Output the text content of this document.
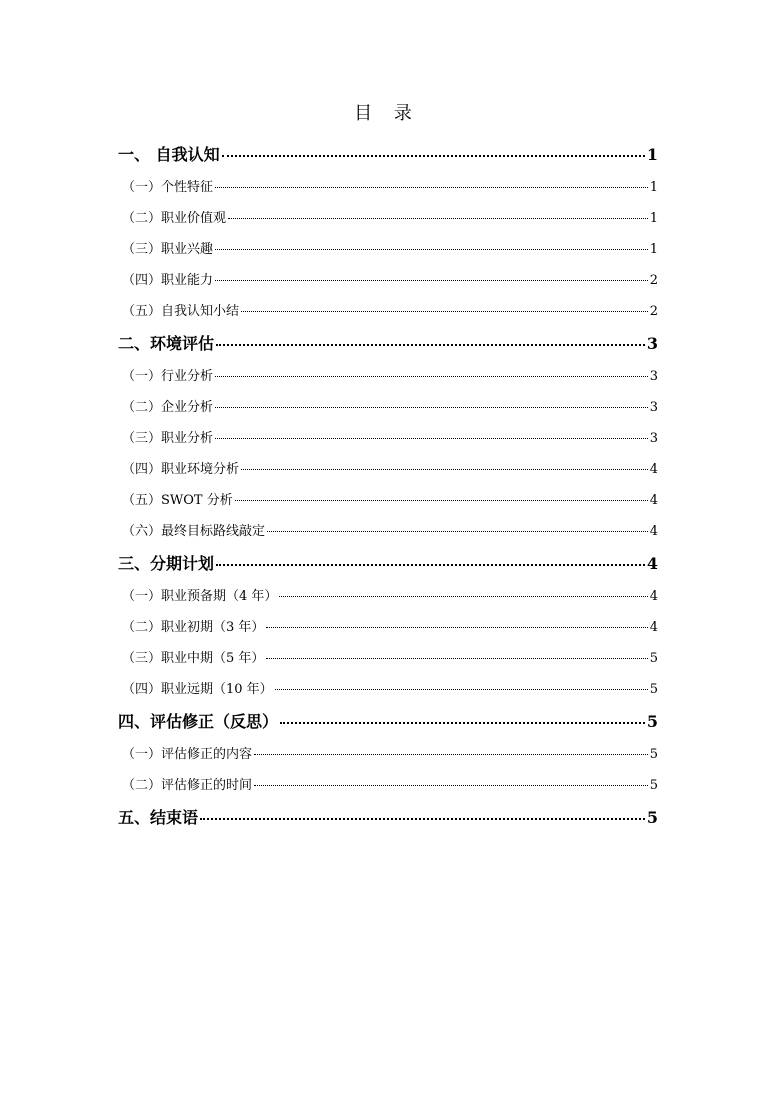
目 录
一、 自我认知	1
（一）个性特征	1
（二）职业价值观	1
（三）职业兴趣	1
（四）职业能力	2
（五）自我认知小结	2
二、环境评估	3
（一）行业分析	3
（二）企业分析	3
（三）职业分析	3
（四）职业环境分析	4
（五）SWOT 分析	4
（六）最终目标路线敲定	4
三、分期计划	4
（一）职业预备期（4 年）	4
（二）职业初期（3 年）	4
（三）职业中期（5 年）	5
（四）职业远期（10 年）	5
四、评估修正（反思）	5
（一）评估修正的内容	5
（二）评估修正的时间	5
五、结束语	5
